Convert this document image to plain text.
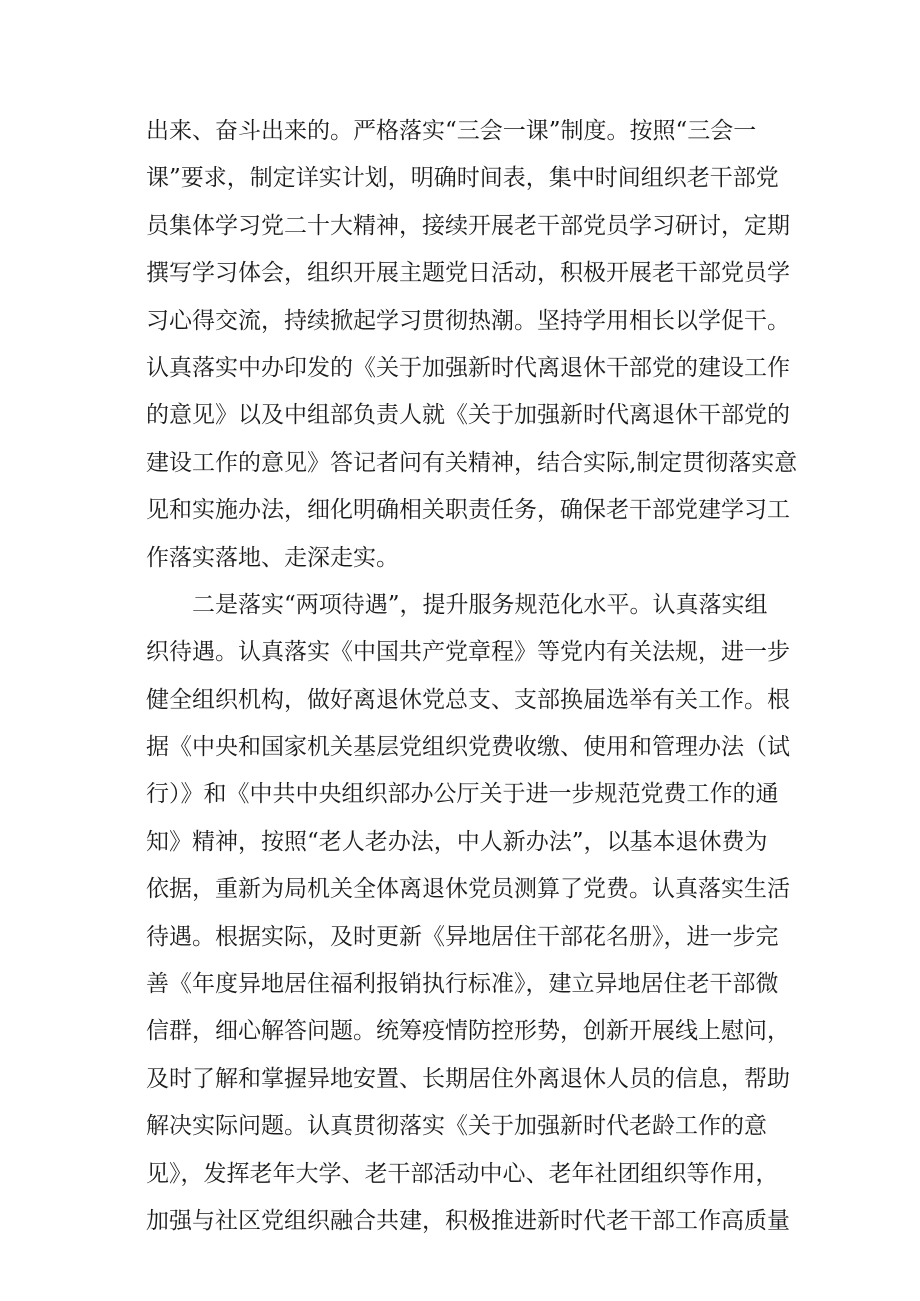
出来、奋斗出来的。严格落实“三会一课”制度。按照“三会一
课”要求，制定详实计划，明确时间表，集中时间组织老干部党
员集体学习党二十大精神，接续开展老干部党员学习研讨，定期
撰写学习体会，组织开展主题党日活动，积极开展老干部党员学
习心得交流，持续掀起学习贯彻热潮。坚持学用相长以学促干。
认真落实中办印发的《关于加强新时代离退休干部党的建设工作
的意见》以及中组部负责人就《关于加强新时代离退休干部党的
建设工作的意见》答记者问有关精神，结合实际,制定贯彻落实意
见和实施办法，细化明确相关职责任务，确保老干部党建学习工
作落实落地、走深走实。
二是落实“两项待遇”，提升服务规范化水平。认真落实组
织待遇。认真落实《中国共产党章程》等党内有关法规，进一步
健全组织机构，做好离退休党总支、支部换届选举有关工作。根
据《中央和国家机关基层党组织党费收缴、使用和管理办法（试
行）》和《中共中央组织部办公厅关于进一步规范党费工作的通
知》精神，按照“老人老办法，中人新办法”，以基本退休费为
依据，重新为局机关全体离退休党员测算了党费。认真落实生活
待遇。根据实际，及时更新《异地居住干部花名册》，进一步完
善《年度异地居住福利报销执行标准》，建立异地居住老干部微
信群，细心解答问题。统筹疫情防控形势，创新开展线上慰问，
及时了解和掌握异地安置、长期居住外离退休人员的信息，帮助
解决实际问题。认真贯彻落实《关于加强新时代老龄工作的意
见》，发挥老年大学、老干部活动中心、老年社团组织等作用，
加强与社区党组织融合共建，积极推进新时代老干部工作高质量
